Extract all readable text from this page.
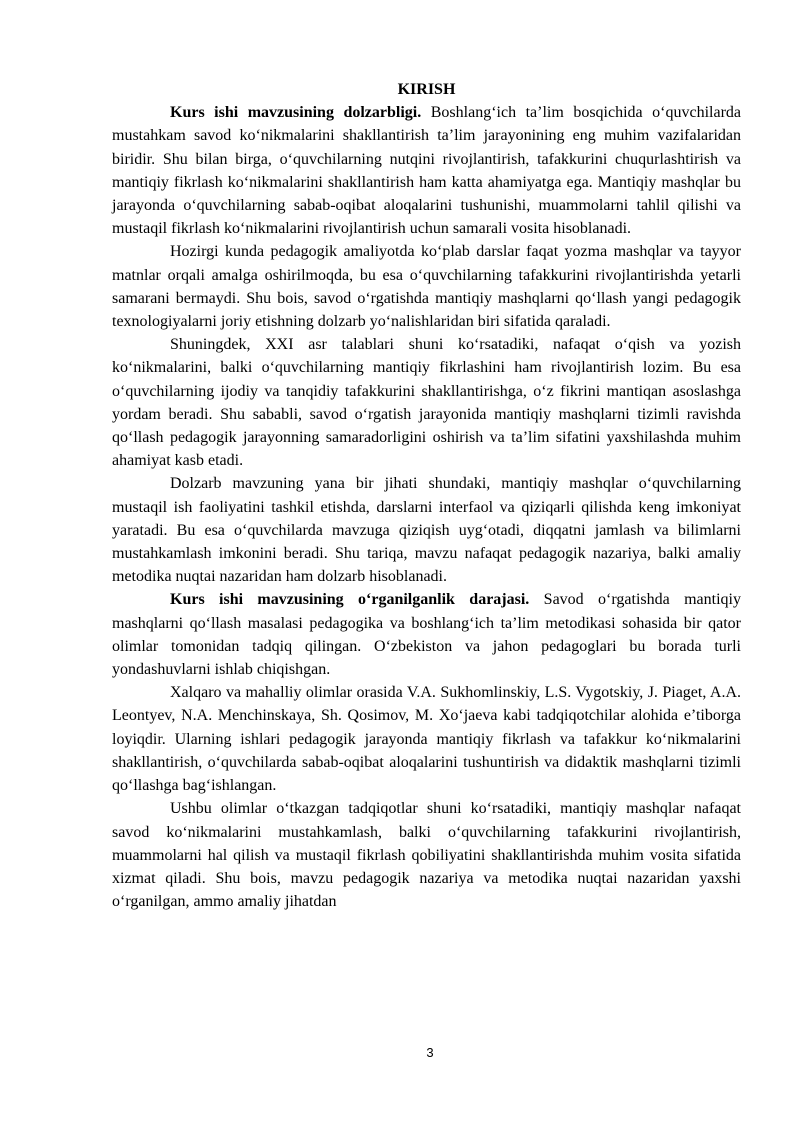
KIRISH

Kurs ishi mavzusining dolzarbligi. Boshlang‘ich ta’lim bosqichida o‘quvchilarda mustahkam savod ko‘nikmalarini shakllantirish ta’lim jarayonining eng muhim vazifalaridan biridir. Shu bilan birga, o‘quvchilarning nutqini rivojlantirish, tafakkurini chuqurlashtirish va mantiqiy fikrlash ko‘nikmalarini shakllantirish ham katta ahamiyatga ega. Mantiqiy mashqlar bu jarayonda o‘quvchilarning sabab-oqibat aloqalarini tushunishi, muammolarni tahlil qilishi va mustaqil fikrlash ko‘nikmalarini rivojlantirish uchun samarali vosita hisoblanadi.

Hozirgi kunda pedagogik amaliyotda ko‘plab darslar faqat yozma mashqlar va tayyor matnlar orqali amalga oshirilmoqda, bu esa o‘quvchilarning tafakkurini rivojlantirishda yetarli samarani bermaydi. Shu bois, savod o‘rgatishda mantiqiy mashqlarni qo‘llash yangi pedagogik texnologiyalarni joriy etishning dolzarb yo‘nalishlaridan biri sifatida qaraladi.

Shuningdek, XXI asr talablari shuni ko‘rsatadiki, nafaqat o‘qish va yozish ko‘nikmalarini, balki o‘quvchilarning mantiqiy fikrlashini ham rivojlantirish lozim. Bu esa o‘quvchilarning ijodiy va tanqidiy tafakkurini shakllantirishga, o‘z fikrini mantiqan asoslashga yordam beradi. Shu sababli, savod o‘rgatish jarayonida mantiqiy mashqlarni tizimli ravishda qo‘llash pedagogik jarayonning samaradorligini oshirish va ta’lim sifatini yaxshilashda muhim ahamiyat kasb etadi.

Dolzarb mavzuning yana bir jihati shundaki, mantiqiy mashqlar o‘quvchilarning mustaqil ish faoliyatini tashkil etishda, darslarni interfaol va qiziqarli qilishda keng imkoniyat yaratadi. Bu esa o‘quvchilarda mavzuga qiziqish uyg‘otadi, diqqatni jamlash va bilimlarni mustahkamlash imkonini beradi. Shu tariqa, mavzu nafaqat pedagogik nazariya, balki amaliy metodika nuqtai nazaridan ham dolzarb hisoblanadi.

Kurs ishi mavzusining o‘rganilganlik darajasi. Savod o‘rgatishda mantiqiy mashqlarni qo‘llash masalasi pedagogika va boshlang‘ich ta’lim metodikasi sohasida bir qator olimlar tomonidan tadqiq qilingan. O‘zbekiston va jahon pedagoglari bu borada turli yondashuvlarni ishlab chiqishgan.

Xalqaro va mahalliy olimlar orasida V.A. Sukhomlinskiy, L.S. Vygotskiy, J. Piaget, A.A. Leontyev, N.A. Menchinskaya, Sh. Qosimov, M. Xo‘jaeva kabi tadqiqotchilar alohida e’tiborga loyiqdir. Ularning ishlari pedagogik jarayonda mantiqiy fikrlash va tafakkur ko‘nikmalarini shakllantirish, o‘quvchilarda sabab-oqibat aloqalarini tushuntirish va didaktik mashqlarni tizimli qo‘llashga bag‘ishlangan.

Ushbu olimlar o‘tkazgan tadqiqotlar shuni ko‘rsatadiki, mantiqiy mashqlar nafaqat savod ko‘nikmalarini mustahkamlash, balki o‘quvchilarning tafakkurini rivojlantirish, muammolarni hal qilish va mustaqil fikrlash qobiliyatini shakllantirishda muhim vosita sifatida xizmat qiladi. Shu bois, mavzu pedagogik nazariya va metodika nuqtai nazaridan yaxshi o‘rganilgan, ammo amaliy jihatdan

3
